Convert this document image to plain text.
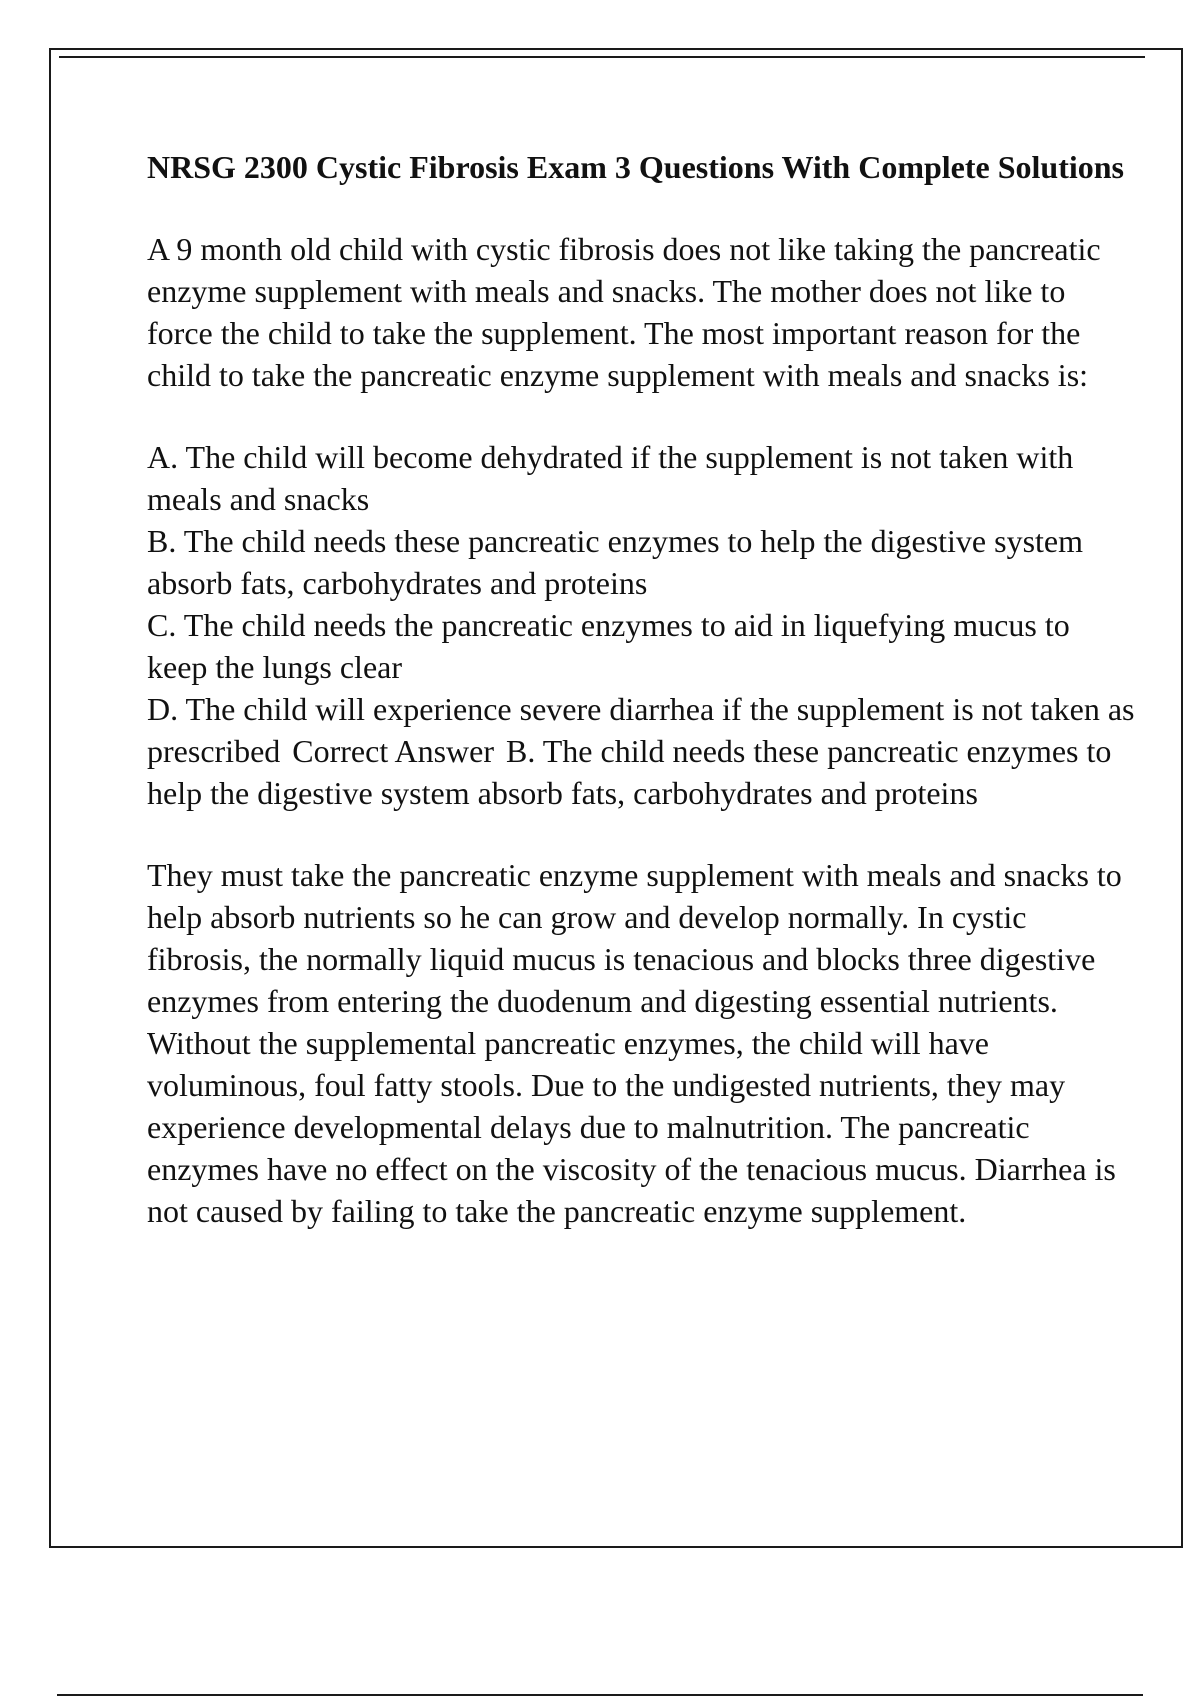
NRSG 2300 Cystic Fibrosis Exam 3 Questions With Complete Solutions

A 9 month old child with cystic fibrosis does not like taking the pancreatic enzyme supplement with meals and snacks. The mother does not like to force the child to take the supplement. The most important reason for the child to take the pancreatic enzyme supplement with meals and snacks is:

A. The child will become dehydrated if the supplement is not taken with meals and snacks

B. The child needs these pancreatic enzymes to help the digestive system absorb fats, carbohydrates and proteins

C. The child needs the pancreatic enzymes to aid in liquefying mucus to keep the lungs clear

D. The child will experience severe diarrhea if the supplement is not taken as prescribed Correct Answer B. The child needs these pancreatic enzymes to help the digestive system absorb fats, carbohydrates and proteins

They must take the pancreatic enzyme supplement with meals and snacks to help absorb nutrients so he can grow and develop normally. In cystic fibrosis, the normally liquid mucus is tenacious and blocks three digestive enzymes from entering the duodenum and digesting essential nutrients. Without the supplemental pancreatic enzymes, the child will have voluminous, foul fatty stools. Due to the undigested nutrients, they may experience developmental delays due to malnutrition. The pancreatic enzymes have no effect on the viscosity of the tenacious mucus. Diarrhea is not caused by failing to take the pancreatic enzyme supplement.
